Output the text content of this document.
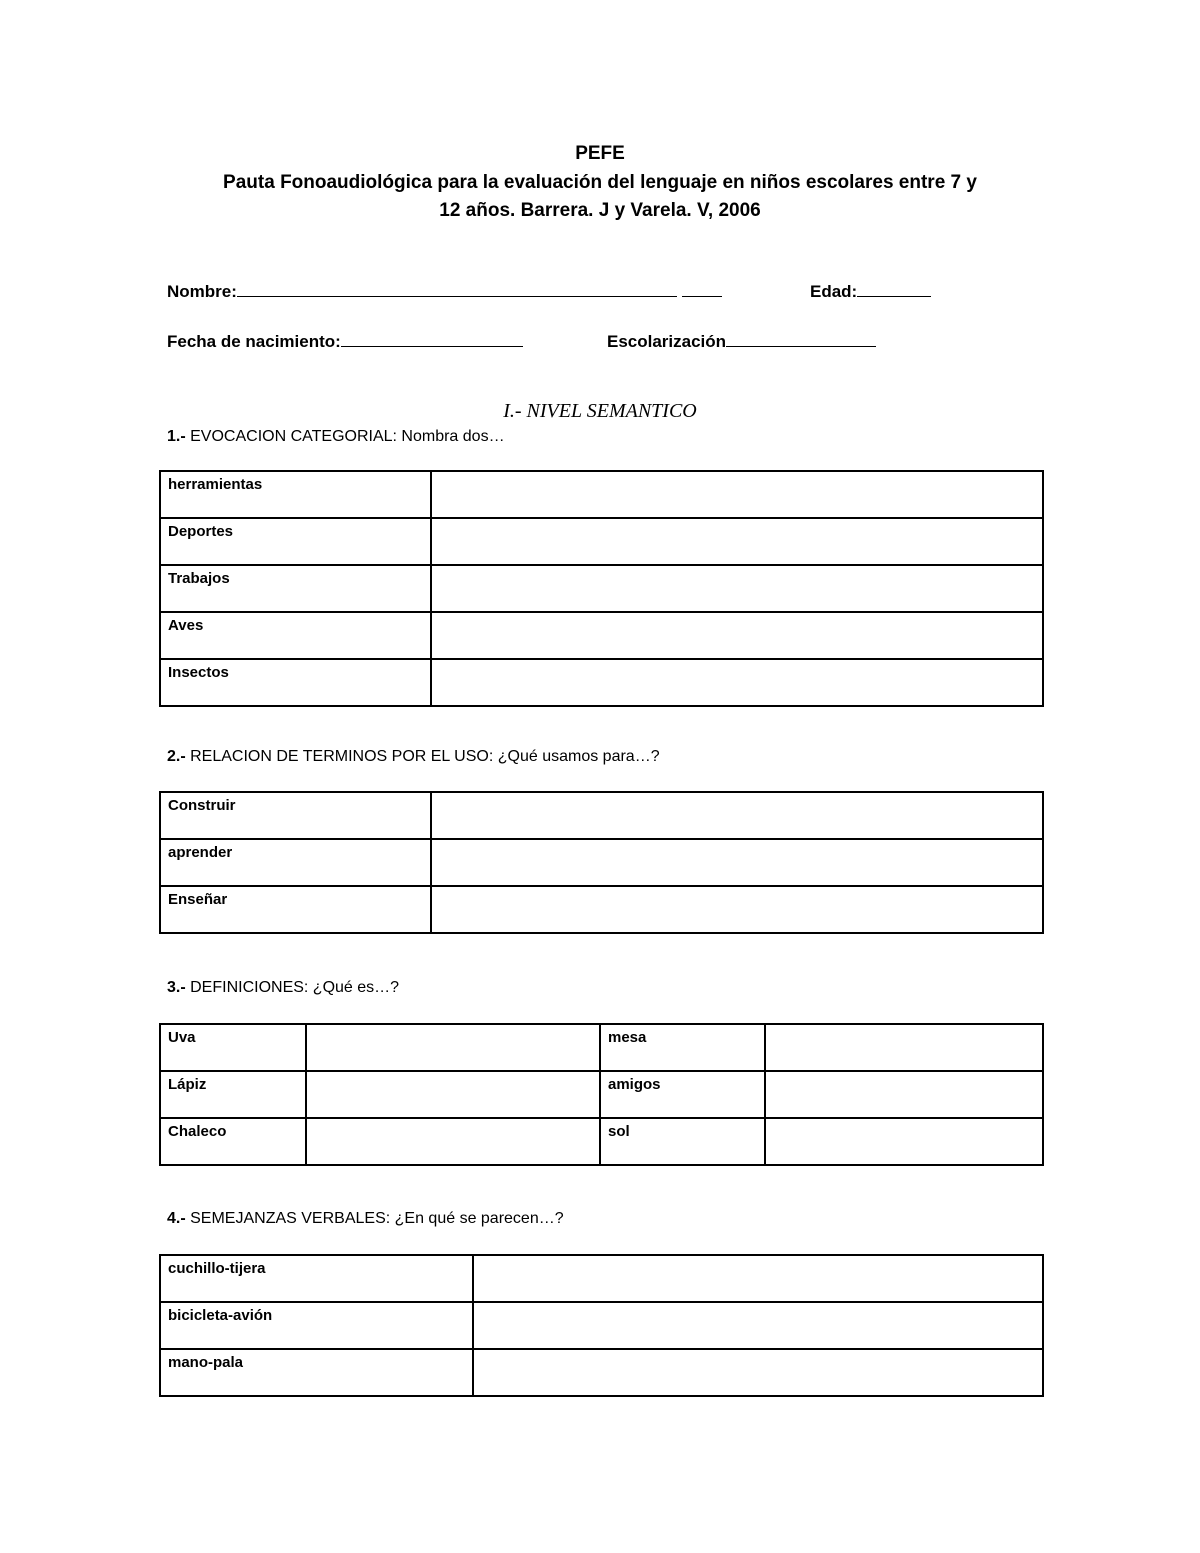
PEFE
Pauta Fonoaudiológica para la evaluación del lenguaje en niños escolares entre 7 y
12 años. Barrera. J y Varela. V, 2006
Nombre:	Edad:
Fecha de nacimiento:	Escolarización
I.- NIVEL SEMANTICO
1.- EVOCACION CATEGORIAL: Nombra dos…
herramientas	
Deportes	
Trabajos	
Aves	
Insectos	
2.- RELACION DE TERMINOS POR EL USO: ¿Qué usamos para…?
Construir	
aprender	
Enseñar	
3.- DEFINICIONES: ¿Qué es…?
Uva		mesa	
Lápiz		amigos	
Chaleco		sol	
4.- SEMEJANZAS VERBALES: ¿En qué se parecen…?
cuchillo-tijera	
bicicleta-avión	
mano-pala	
